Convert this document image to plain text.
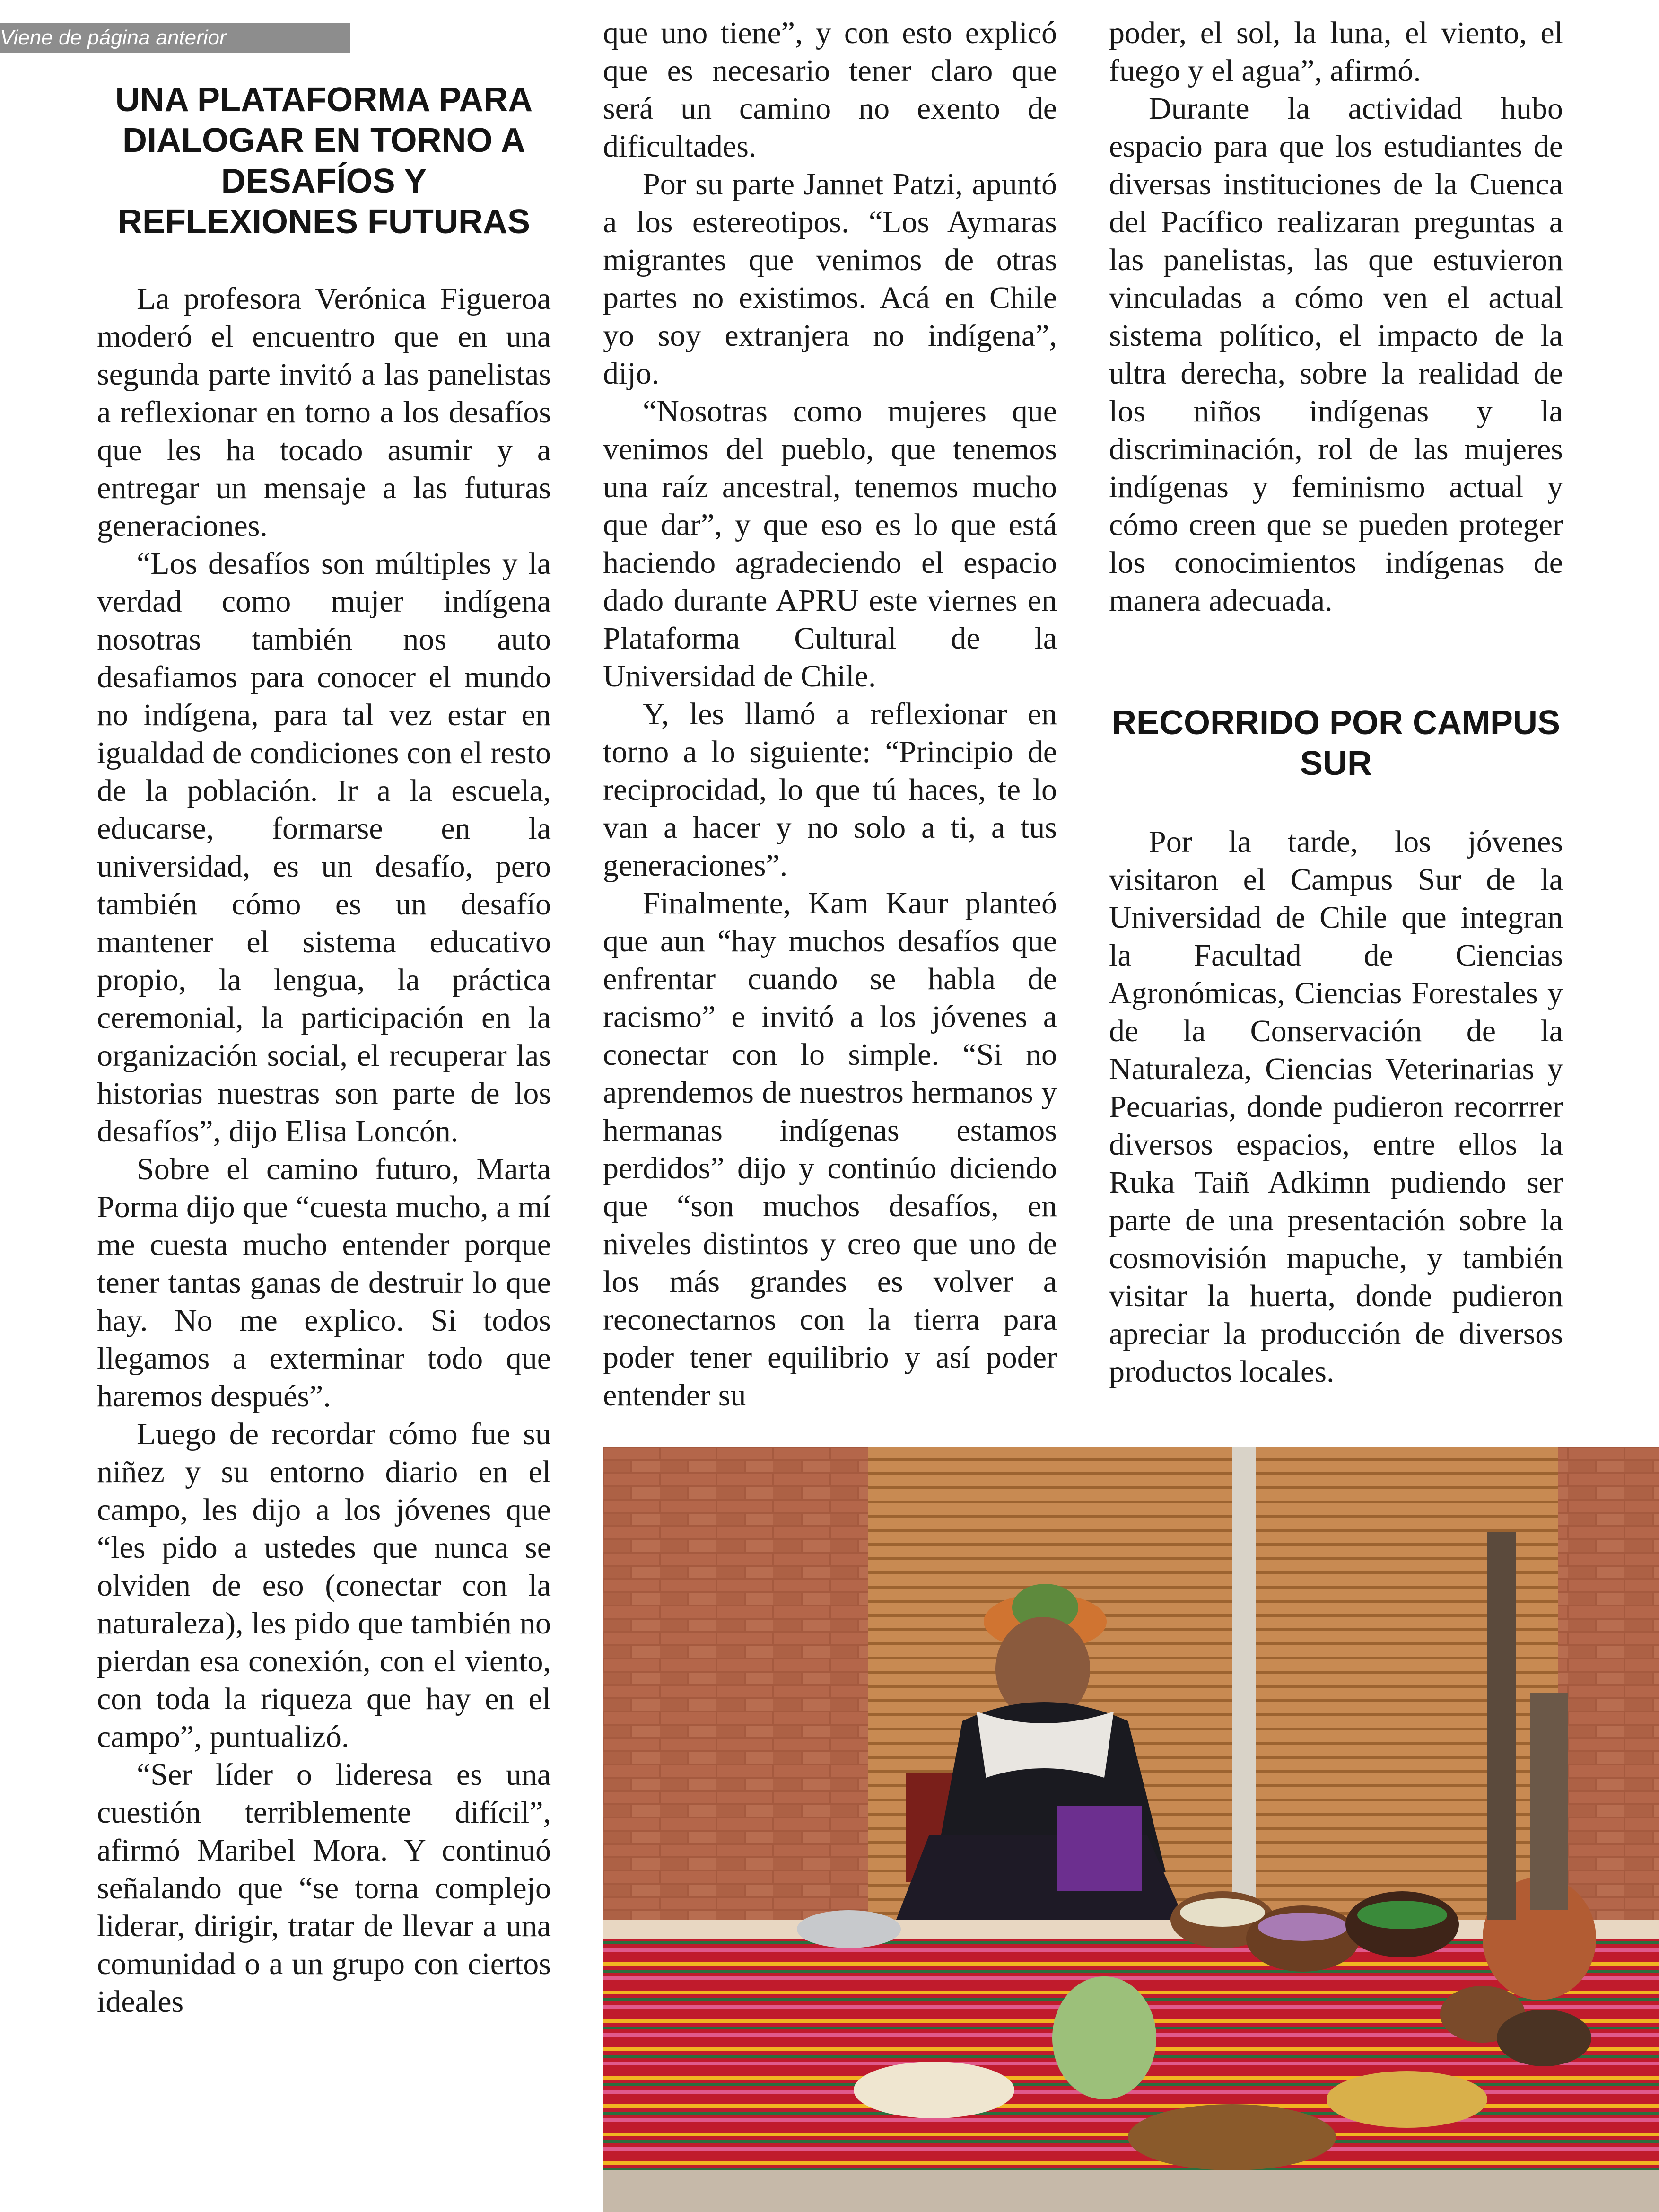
Viene de página anterior
UNA PLATAFORMA PARA DIALOGAR EN TORNO A DESAFÍOS Y REFLEXIONES FUTURAS

La profesora Verónica Figueroa moderó el encuentro que en una segunda parte invitó a las panelistas a reflexionar en torno a los desafíos que les ha tocado asumir y a entregar un mensaje a las futuras generaciones.

“Los desafíos son múltiples y la verdad como mujer indígena nosotras también nos auto desafiamos para conocer el mundo no indígena, para tal vez estar en igualdad de condiciones con el resto de la población. Ir a la escuela, educarse, formarse en la universidad, es un desafío, pero también cómo es un desafío mantener el sistema educativo propio, la lengua, la práctica ceremonial, la participación en la organización social, el recuperar las historias nuestras son parte de los desafíos”, dijo Elisa Loncón.

Sobre el camino futuro, Marta Porma dijo que “cuesta mucho, a mí me cuesta mucho entender porque tener tantas ganas de destruir lo que hay. No me explico. Si todos llegamos a exterminar todo que haremos después”.

Luego de recordar cómo fue su niñez y su entorno diario en el campo, les dijo a los jóvenes que “les pido a ustedes que nunca se olviden de eso (conectar con la naturaleza), les pido que también no pierdan esa conexión, con el viento, con toda la riqueza que hay en el campo”, puntualizó.

“Ser líder o lideresa es una cuestión terriblemente difícil”, afirmó Maribel Mora. Y continuó señalando que “se torna complejo liderar, dirigir, tratar de llevar a una comunidad o a un grupo con ciertos ideales

que uno tiene”, y con esto explicó que es necesario tener claro que será un camino no exento de dificultades.

Por su parte Jannet Patzi, apuntó a los estereotipos. “Los Aymaras migrantes que venimos de otras partes no existimos. Acá en Chile yo soy extranjera no indígena”, dijo.

“Nosotras como mujeres que venimos del pueblo, que tenemos una raíz ancestral, tenemos mucho que dar”, y que eso es lo que está haciendo agradeciendo el espacio dado durante APRU este viernes en Plataforma Cultural de la Universidad de Chile.

Y, les llamó a reflexionar en torno a lo siguiente: “Principio de reciprocidad, lo que tú haces, te lo van a hacer y no solo a ti, a tus generaciones”.

Finalmente, Kam Kaur planteó que aun “hay muchos desafíos que enfrentar cuando se habla de racismo” e invitó a los jóvenes a conectar con lo simple. “Si no aprendemos de nuestros hermanos y hermanas indígenas estamos perdidos” dijo y continúo diciendo que “son muchos desafíos, en niveles distintos y creo que uno de los más grandes es volver a reconectarnos con la tierra para poder tener equilibrio y así poder entender su

poder, el sol, la luna, el viento, el fuego y el agua”, afirmó.

Durante la actividad hubo espacio para que los estudiantes de diversas instituciones de la Cuenca del Pacífico realizaran preguntas a las panelistas, las que estuvieron vinculadas a cómo ven el actual sistema político, el impacto de la ultra derecha, sobre la realidad de los niños indígenas y la discriminación, rol de las mujeres indígenas y feminismo actual y cómo creen que se pueden proteger los conocimientos indígenas de manera adecuada.

RECORRIDO POR CAMPUS SUR

Por la tarde, los jóvenes visitaron el Campus Sur de la Universidad de Chile que integran la Facultad de Ciencias Agronómicas, Ciencias Forestales y de la Conservación de la Naturaleza, Ciencias Veterinarias y Pecuarias, donde pudieron recorrrer diversos espacios, entre ellos la Ruka Taiñ Adkimn pudiendo ser parte de una presentación sobre la cosmovisión mapuche, y también visitar la huerta, donde pudieron apreciar la producción de diversos productos locales.
